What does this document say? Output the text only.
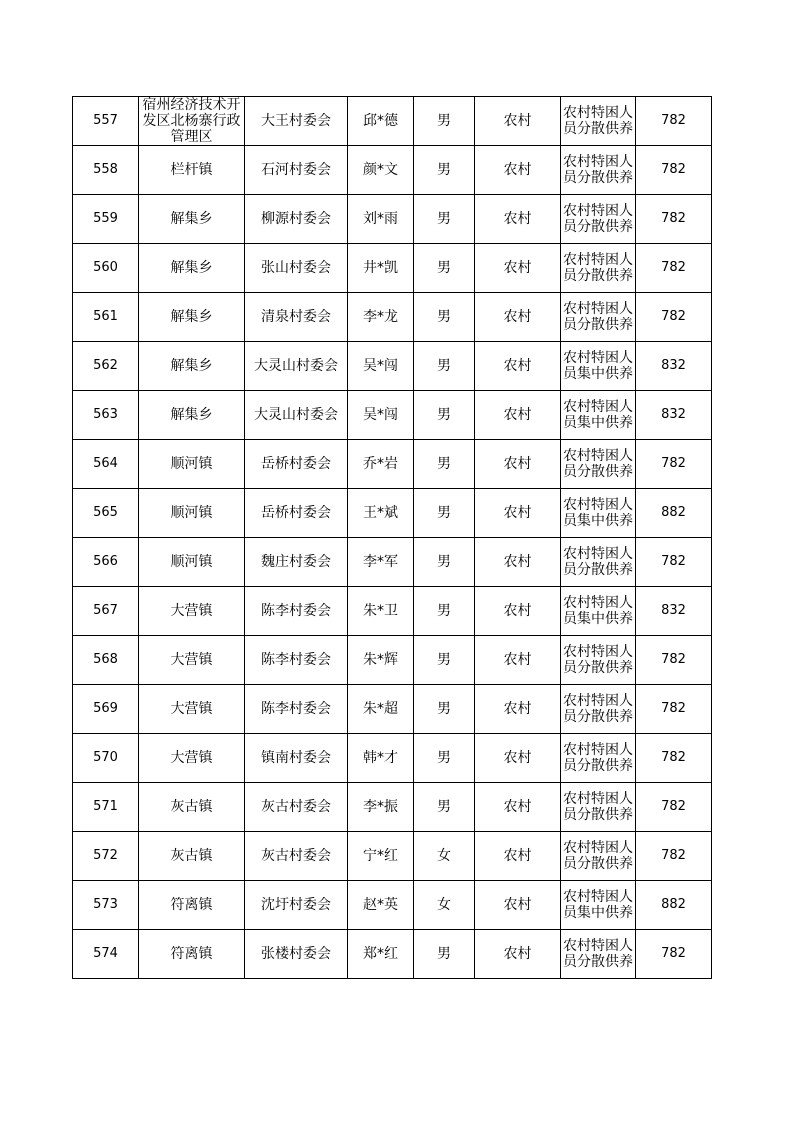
557	宿州经济技术开发区北杨寨行政管理区	大王村委会	邱*德	男	农村	农村特困人员分散供养	782
558	栏杆镇	石河村委会	颜*文	男	农村	农村特困人员分散供养	782
559	解集乡	柳源村委会	刘*雨	男	农村	农村特困人员分散供养	782
560	解集乡	张山村委会	井*凯	男	农村	农村特困人员分散供养	782
561	解集乡	清泉村委会	李*龙	男	农村	农村特困人员分散供养	782
562	解集乡	大灵山村委会	吴*闯	男	农村	农村特困人员集中供养	832
563	解集乡	大灵山村委会	吴*闯	男	农村	农村特困人员集中供养	832
564	顺河镇	岳桥村委会	乔*岩	男	农村	农村特困人员分散供养	782
565	顺河镇	岳桥村委会	王*斌	男	农村	农村特困人员集中供养	882
566	顺河镇	魏庄村委会	李*军	男	农村	农村特困人员分散供养	782
567	大营镇	陈李村委会	朱*卫	男	农村	农村特困人员集中供养	832
568	大营镇	陈李村委会	朱*辉	男	农村	农村特困人员分散供养	782
569	大营镇	陈李村委会	朱*超	男	农村	农村特困人员分散供养	782
570	大营镇	镇南村委会	韩*才	男	农村	农村特困人员分散供养	782
571	灰古镇	灰古村委会	李*振	男	农村	农村特困人员分散供养	782
572	灰古镇	灰古村委会	宁*红	女	农村	农村特困人员分散供养	782
573	符离镇	沈圩村委会	赵*英	女	农村	农村特困人员集中供养	882
574	符离镇	张楼村委会	郑*红	男	农村	农村特困人员分散供养	782
